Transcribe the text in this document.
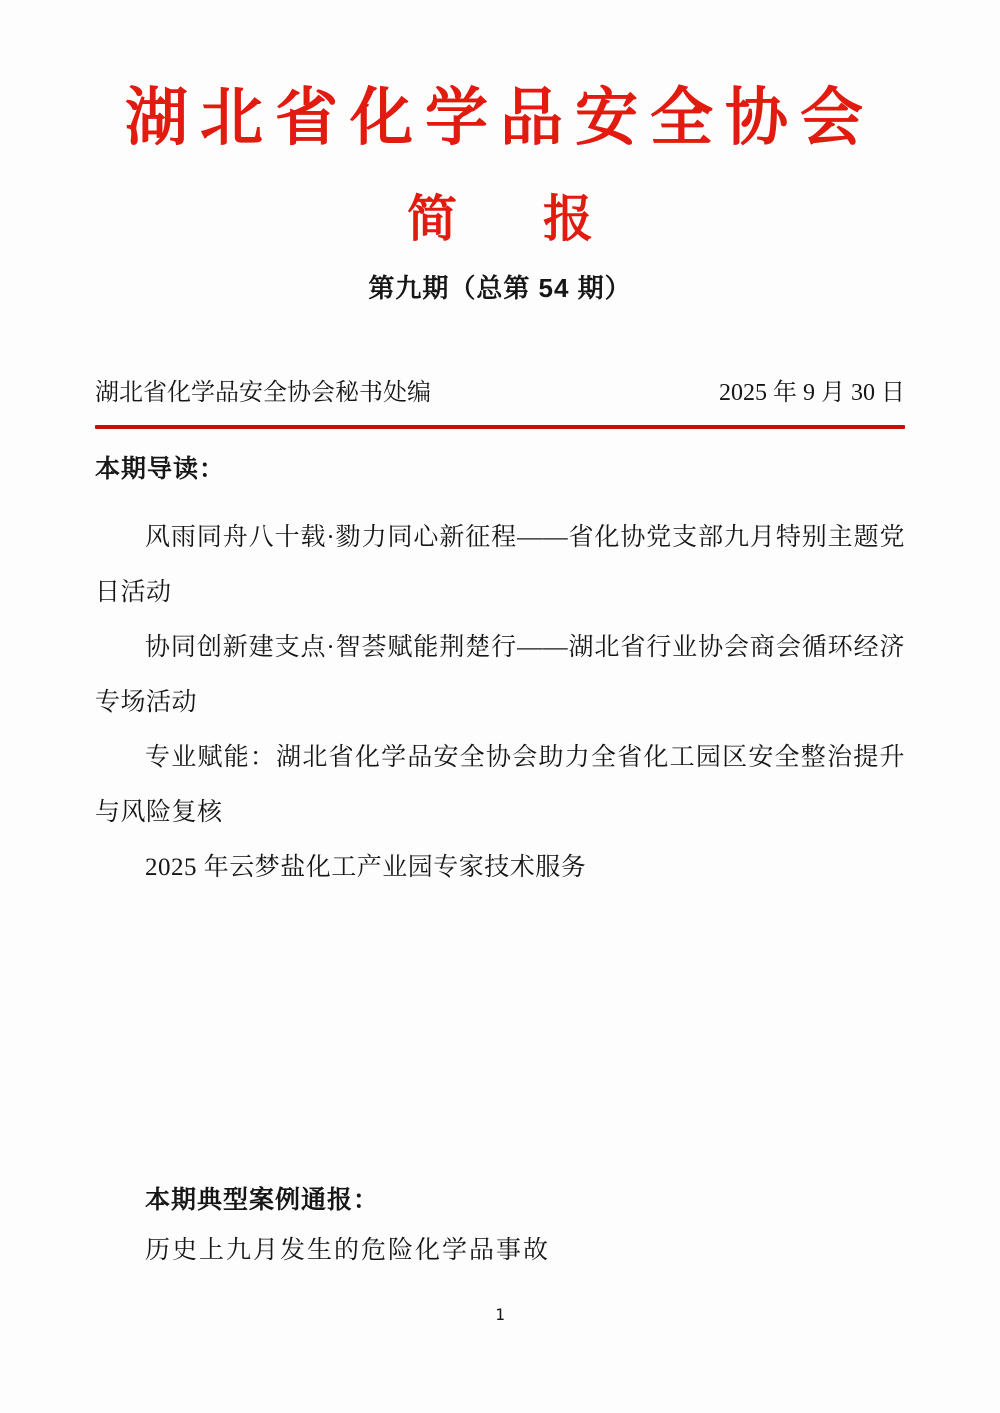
湖北省化学品安全协会
简 报
第九期（总第 54 期）
湖北省化学品安全协会秘书处编	2025 年 9 月 30 日
本期导读：

风雨同舟八十载·勠力同心新征程——省化协党支部九月特别主题党日活动

协同创新建支点·智荟赋能荆楚行——湖北省行业协会商会循环经济专场活动

专业赋能：湖北省化学品安全协会助力全省化工园区安全整治提升与风险复核

2025 年云梦盐化工产业园专家技术服务

本期典型案例通报：

历史上九月发生的危险化学品事故

1
